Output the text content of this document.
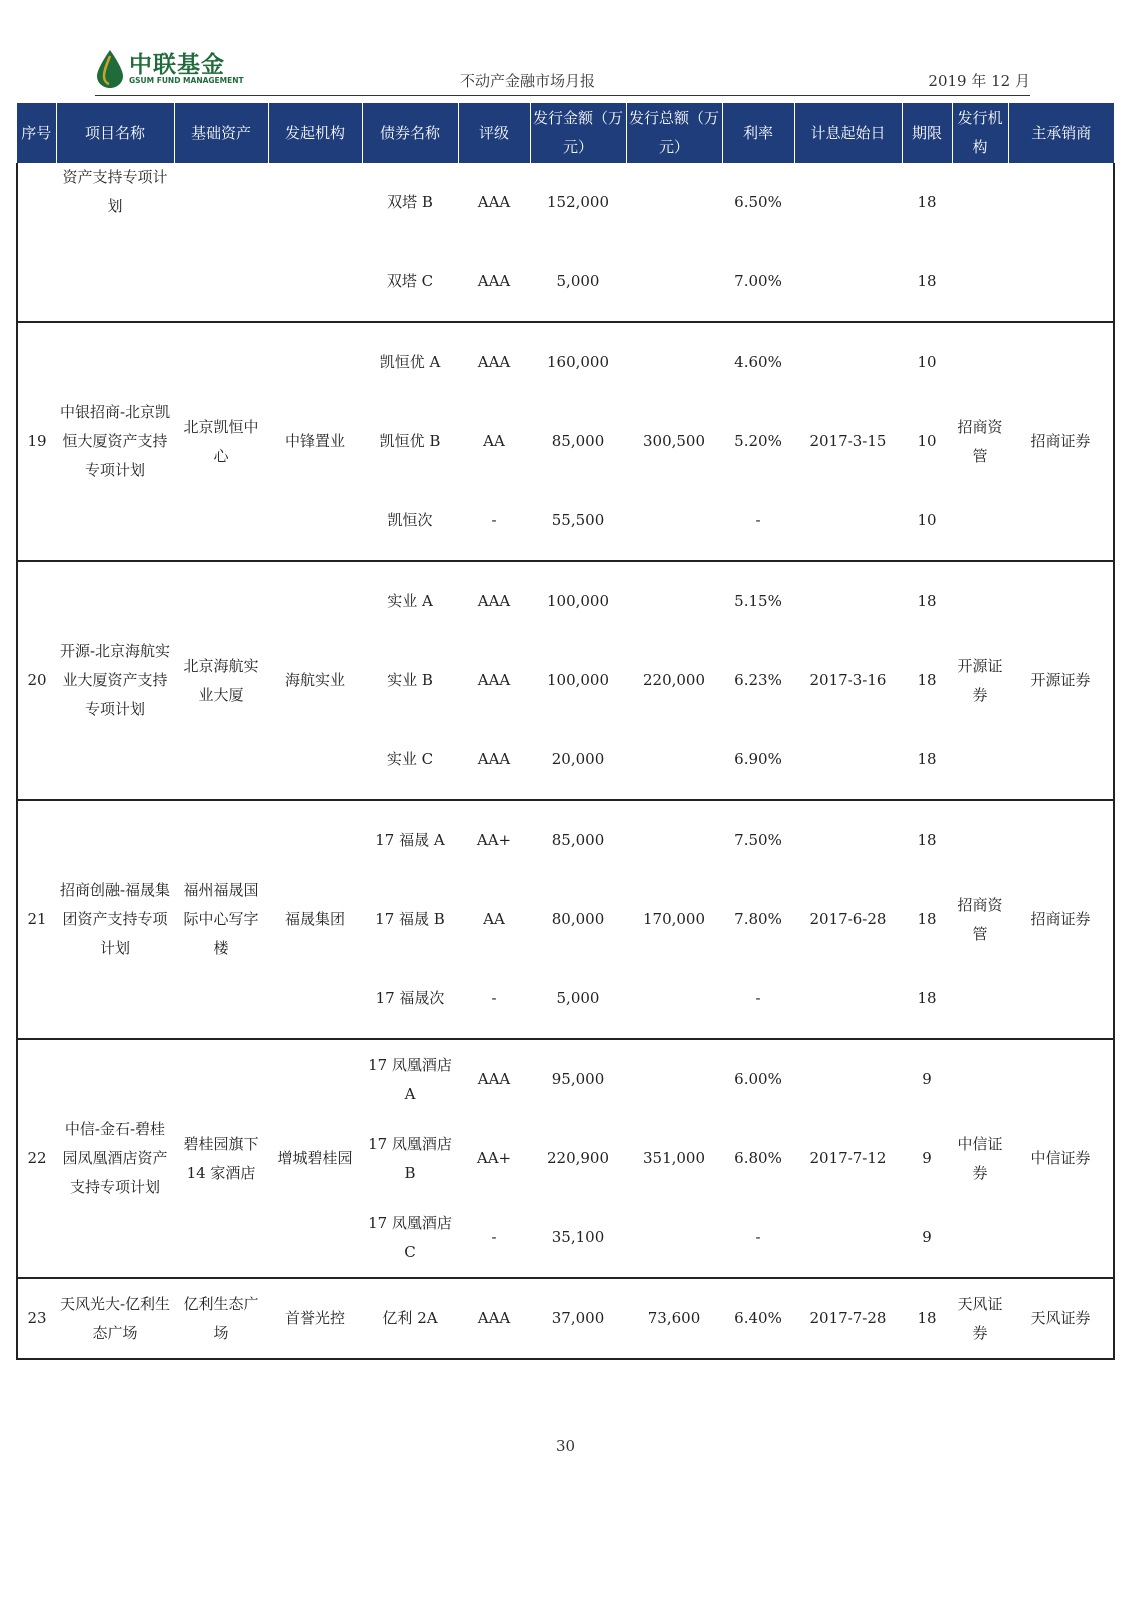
中联基金
GSUM FUND MANAGEMENT	不动产金融市场月报	2019 年 12 月
序号	项目名称	基础资产	发起机构	债券名称	评级	发行金额（万元）	发行总额（万元）	利率	计息起始日	期限	发行机构	主承销商
	资产支持专项计划			双塔 B	AAA	152,000		6.50%		18		
				双塔 C	AAA	5,000		7.00%		18		
19	中银招商-北京凯恒大厦资产支持专项计划	北京凯恒中心	中锋置业	凯恒优 A	AAA	160,000	300,500	4.60%	2017-3-15	10	招商资管	招商证券
				凯恒优 B	AA	85,000		5.20%		10		
				凯恒次	-	55,500		-		10		
20	开源-北京海航实业大厦资产支持专项计划	北京海航实业大厦	海航实业	实业 A	AAA	100,000	220,000	5.15%	2017-3-16	18	开源证券	开源证券
				实业 B	AAA	100,000		6.23%		18		
				实业 C	AAA	20,000		6.90%		18		
21	招商创融-福晟集团资产支持专项计划	福州福晟国际中心写字楼	福晟集团	17 福晟 A	AA+	85,000	170,000	7.50%	2017-6-28	18	招商资管	招商证券
				17 福晟 B	AA	80,000		7.80%		18		
				17 福晟次	-	5,000		-		18		
22	中信-金石-碧桂园凤凰酒店资产支持专项计划	碧桂园旗下 14 家酒店	增城碧桂园	17 凤凰酒店 A	AAA	95,000	351,000	6.00%	2017-7-12	9	中信证券	中信证券
				17 凤凰酒店 B	AA+	220,900		6.80%		9		
				17 凤凰酒店 C	-	35,100		-		9		
23	天风光大-亿利生态广场	亿利生态广场	首誉光控	亿利 2A	AAA	37,000	73,600	6.40%	2017-7-28	18	天风证券	天风证券
30
